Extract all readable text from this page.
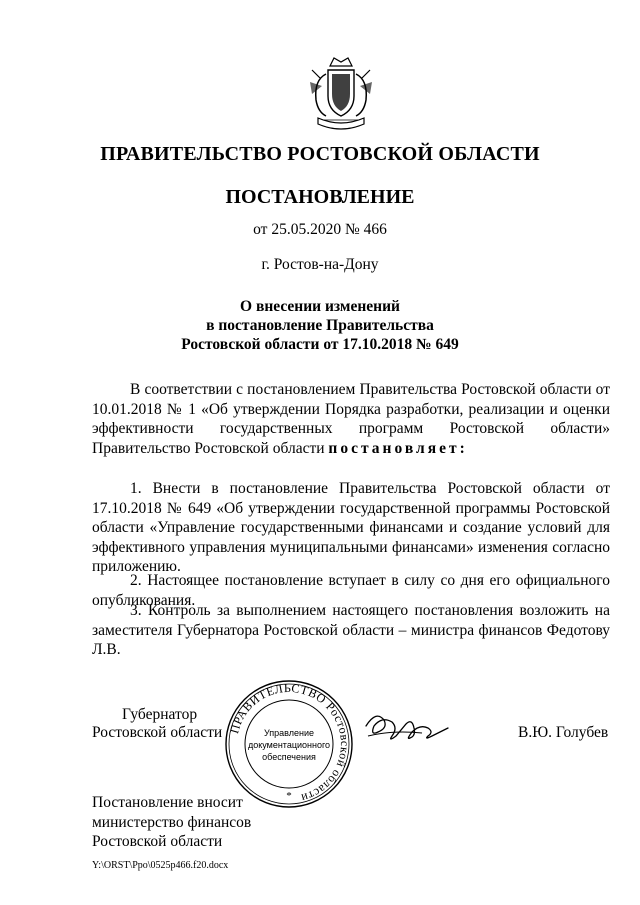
ПРАВИТЕЛЬСТВО РОСТОВСКОЙ ОБЛАСТИ
ПОСТАНОВЛЕНИЕ
от 25.05.2020 № 466
г. Ростов-на-Дону
О внесении изменений
в постановление Правительства
Ростовской области от 17.10.2018 № 649
В соответствии с постановлением Правительства Ростовской области от 10.01.2018 № 1 «Об утверждении Порядка разработки, реализации и оценки эффективности государственных программ Ростовской области» Правительство Ростовской области постановляет:
1. Внести в постановление Правительства Ростовской области от 17.10.2018 № 649 «Об утверждении государственной программы Ростовской области «Управление государственными финансами и создание условий для эффективного управления муниципальными финансами» изменения согласно приложению.
2. Настоящее постановление вступает в силу со дня его официального опубликования.
3. Контроль за выполнением настоящего постановления возложить на заместителя Губернатора Ростовской области – министра финансов Федотову Л.В.
Губернатор
Ростовской области ПРАВИТЕЛЬСТВО Ростовской области
Управление
документационного
обеспечения
*
В.Ю. Голубев
Постановление вносит
министерство финансов
Ростовской области
Y:\ORST\Ppo\0525p466.f20.docx
